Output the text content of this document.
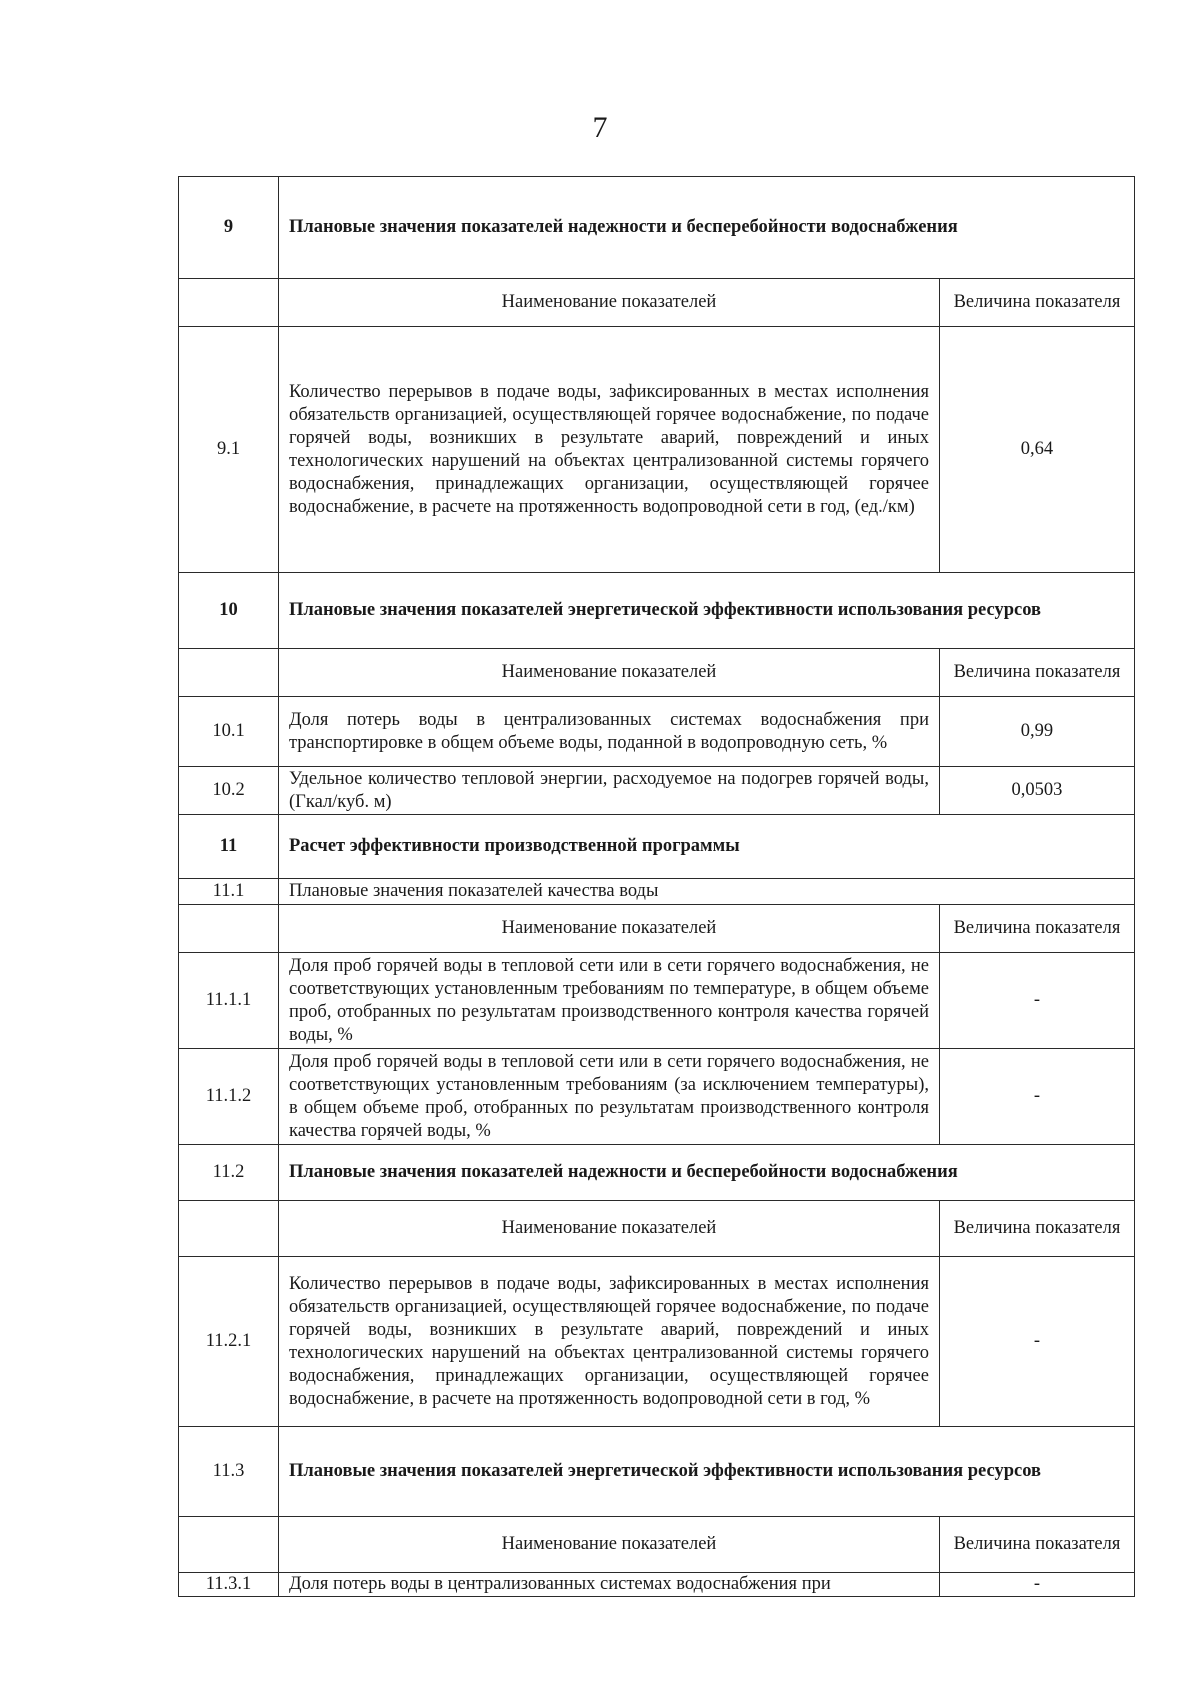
7
9	Плановые значения показателей надежности и бесперебойности водоснабжения	
	Наименование показателей	Величина показателя
9.1	Количество перерывов в подаче воды, зафиксированных в местах исполнения обязательств организацией, осуществляющей горячее водоснабжение, по подаче горячей воды, возникших в результате аварий, повреждений и иных технологических нарушений на объектах централизованной системы горячего водоснабжения, принадлежащих организации, осуществляющей горячее водоснабжение, в расчете на протяженность водопроводной сети в год, (ед./км)	0,64
10	Плановые значения показателей энергетической эффективности использования ресурсов	
	Наименование показателей	Величина показателя
10.1	Доля потерь воды в централизованных системах водоснабжения при транспортировке в общем объеме воды, поданной в водопроводную сеть, %	0,99
10.2	Удельное количество тепловой энергии, расходуемое на подогрев горячей воды, (Гкал/куб. м)	0,0503
11	Расчет эффективности производственной программы	
11.1	Плановые значения показателей качества воды	
	Наименование показателей	Величина показателя
11.1.1	Доля проб горячей воды в тепловой сети или в сети горячего водоснабжения, не соответствующих установленным требованиям по температуре, в общем объеме проб, отобранных по результатам производственного контроля качества горячей воды, %	-
11.1.2	Доля проб горячей воды в тепловой сети или в сети горячего водоснабжения, не соответствующих установленным требованиям (за исключением температуры), в общем объеме проб, отобранных по результатам производственного контроля качества горячей воды, %	-
11.2	Плановые значения показателей надежности и бесперебойности водоснабжения	
	Наименование показателей	Величина показателя
11.2.1	Количество перерывов в подаче воды, зафиксированных в местах исполнения обязательств организацией, осуществляющей горячее водоснабжение, по подаче горячей воды, возникших в результате аварий, повреждений и иных технологических нарушений на объектах централизованной системы горячего водоснабжения, принадлежащих организации, осуществляющей горячее водоснабжение, в расчете на протяженность водопроводной сети в год, %	-
11.3	Плановые значения показателей энергетической эффективности использования ресурсов	
	Наименование показателей	Величина показателя
11.3.1	Доля потерь воды в централизованных системах водоснабжения при	-
